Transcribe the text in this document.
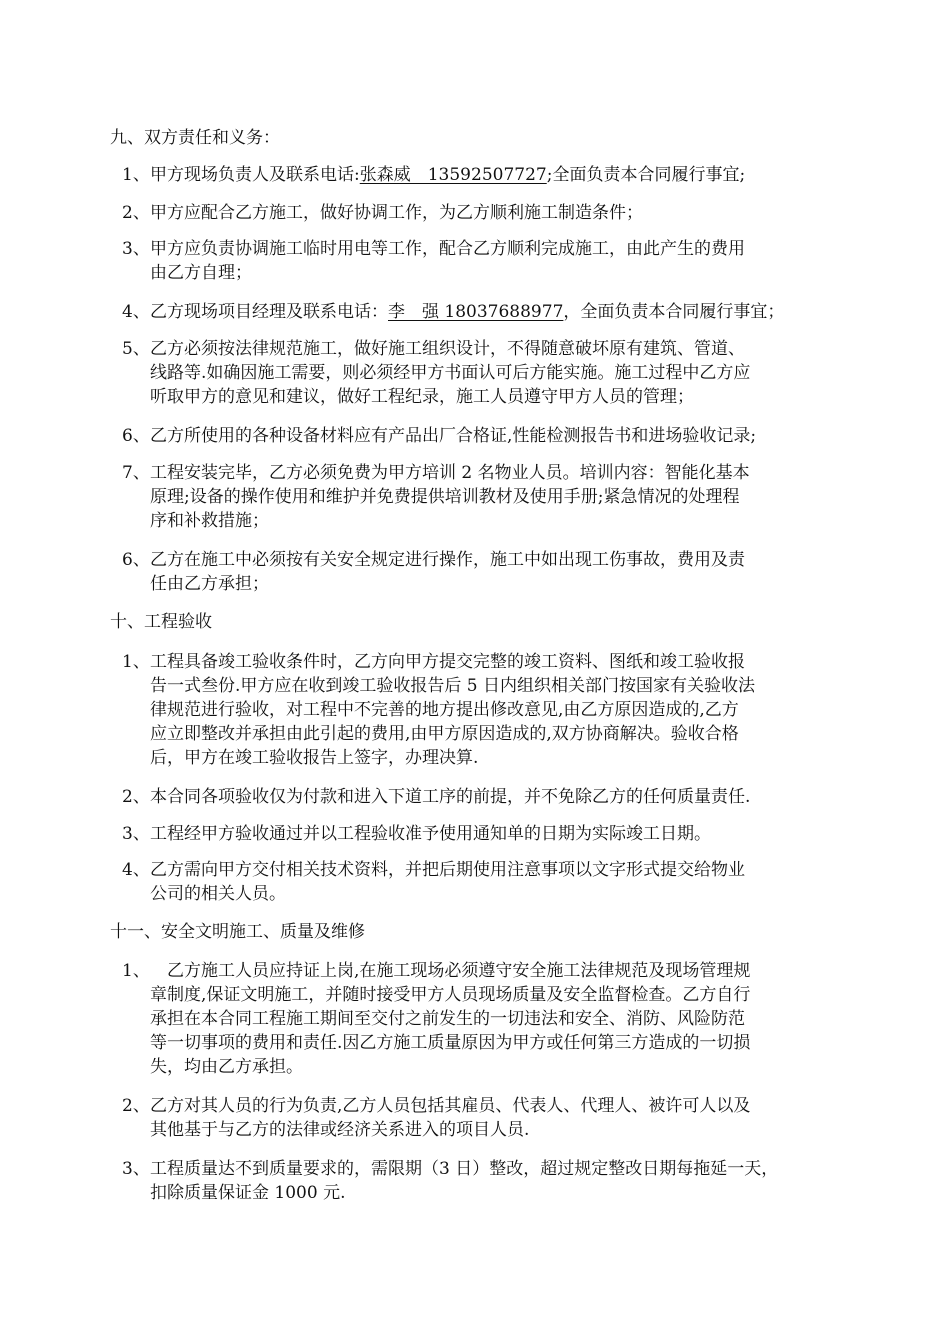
九、双方责任和义务：
1、 甲方现场负责人及联系电话:张森威　13592507727;全面负责本合同履行事宜;
2、 甲方应配合乙方施工，做好协调工作，为乙方顺利施工制造条件；
3、 甲方应负责协调施工临时用电等工作，配合乙方顺利完成施工，由此产生的费用
由乙方自理；
4、 乙方现场项目经理及联系电话：李　强 18037688977，全面负责本合同履行事宜；
5、 乙方必须按法律规范施工，做好施工组织设计，不得随意破坏原有建筑、管道、
线路等.如确因施工需要，则必须经甲方书面认可后方能实施。施工过程中乙方应
听取甲方的意见和建议，做好工程纪录，施工人员遵守甲方人员的管理；
6、 乙方所使用的各种设备材料应有产品出厂合格证,性能检测报告书和进场验收记录;
7、 工程安装完毕，乙方必须免费为甲方培训 2 名物业人员。培训内容：智能化基本
原理;设备的操作使用和维护并免费提供培训教材及使用手册;紧急情况的处理程
序和补救措施；
6、 乙方在施工中必须按有关安全规定进行操作，施工中如出现工伤事故，费用及责
任由乙方承担；
十、工程验收
1、 工程具备竣工验收条件时，乙方向甲方提交完整的竣工资料、图纸和竣工验收报
告一式叁份.甲方应在收到竣工验收报告后 5 日内组织相关部门按国家有关验收法
律规范进行验收，对工程中不完善的地方提出修改意见,由乙方原因造成的,乙方
应立即整改并承担由此引起的费用,由甲方原因造成的,双方协商解决。验收合格
后，甲方在竣工验收报告上签字，办理决算.
2、 本合同各项验收仅为付款和进入下道工序的前提，并不免除乙方的任何质量责任.
3、 工程经甲方验收通过并以工程验收准予使用通知单的日期为实际竣工日期。
4、 乙方需向甲方交付相关技术资料，并把后期使用注意事项以文字形式提交给物业
公司的相关人员。
十一、安全文明施工、质量及维修
1、 　乙方施工人员应持证上岗,在施工现场必须遵守安全施工法律规范及现场管理规
章制度,保证文明施工，并随时接受甲方人员现场质量及安全监督检查。乙方自行
承担在本合同工程施工期间至交付之前发生的一切违法和安全、消防、风险防范
等一切事项的费用和责任.因乙方施工质量原因为甲方或任何第三方造成的一切损
失，均由乙方承担。
2、 乙方对其人员的行为负责,乙方人员包括其雇员、代表人、代理人、被许可人以及
其他基于与乙方的法律或经济关系进入的项目人员.
3、 工程质量达不到质量要求的，需限期（3 日）整改，超过规定整改日期每拖延一天，
扣除质量保证金 1000 元.
